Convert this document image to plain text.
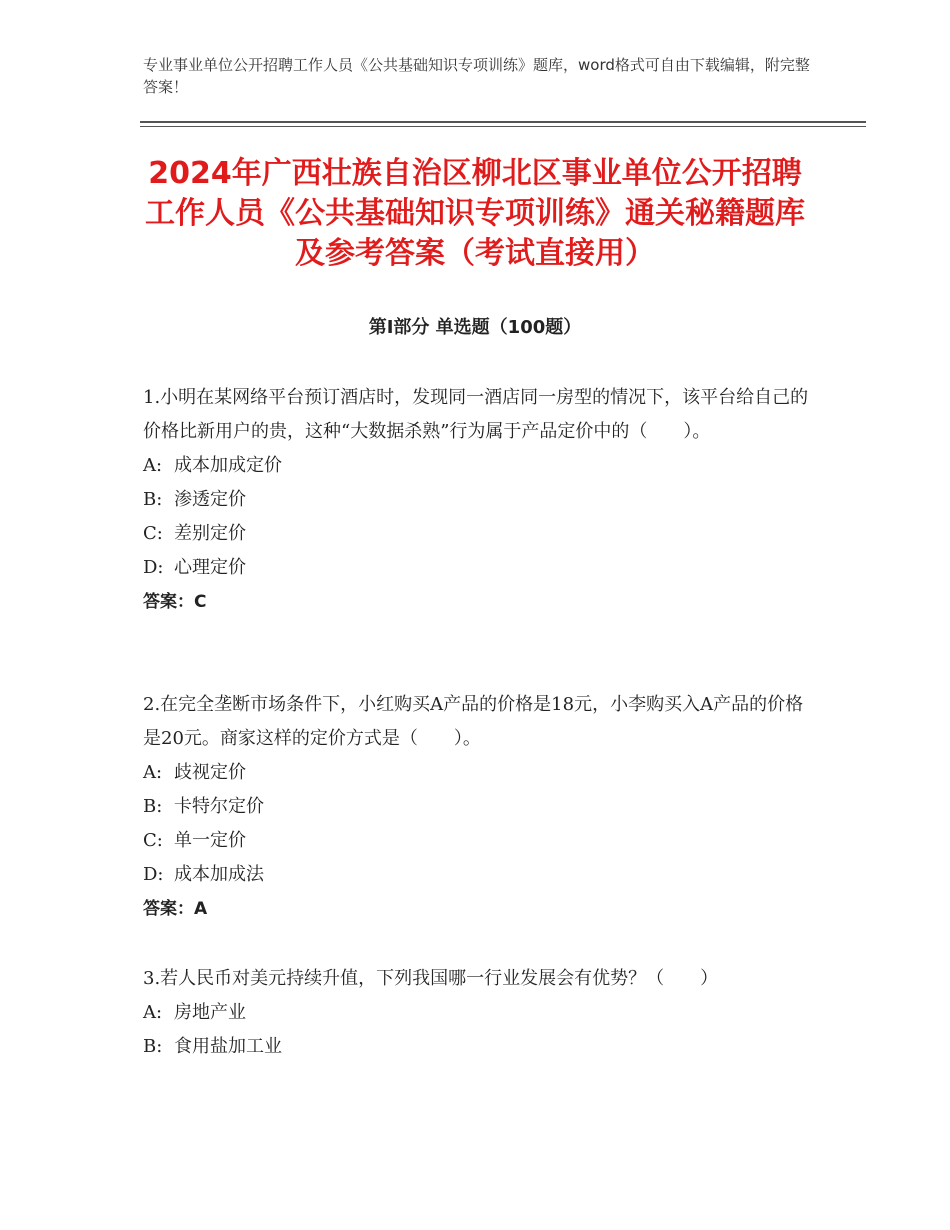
专业事业单位公开招聘工作人员《公共基础知识专项训练》题库，word格式可自由下载编辑，附完整答案！
2024年广西壮族自治区柳北区事业单位公开招聘工作人员《公共基础知识专项训练》通关秘籍题库及参考答案（考试直接用）
第Ⅰ部分 单选题（100题）

1.小明在某网络平台预订酒店时，发现同一酒店同一房型的情况下，该平台给自己的价格比新用户的贵，这种“大数据杀熟”行为属于产品定价中的（　　）。

A: 成本加成定价
B: 渗透定价
C: 差别定价
D: 心理定价
答案：C

2.在完全垄断市场条件下，小红购买A产品的价格是18元，小李购买入A产品的价格是20元。商家这样的定价方式是（　　）。

A: 歧视定价
B: 卡特尔定价
C: 单一定价
D: 成本加成法
答案：A

3.若人民币对美元持续升值，下列我国哪一行业发展会有优势？（　　）

A: 房地产业
B: 食用盐加工业
